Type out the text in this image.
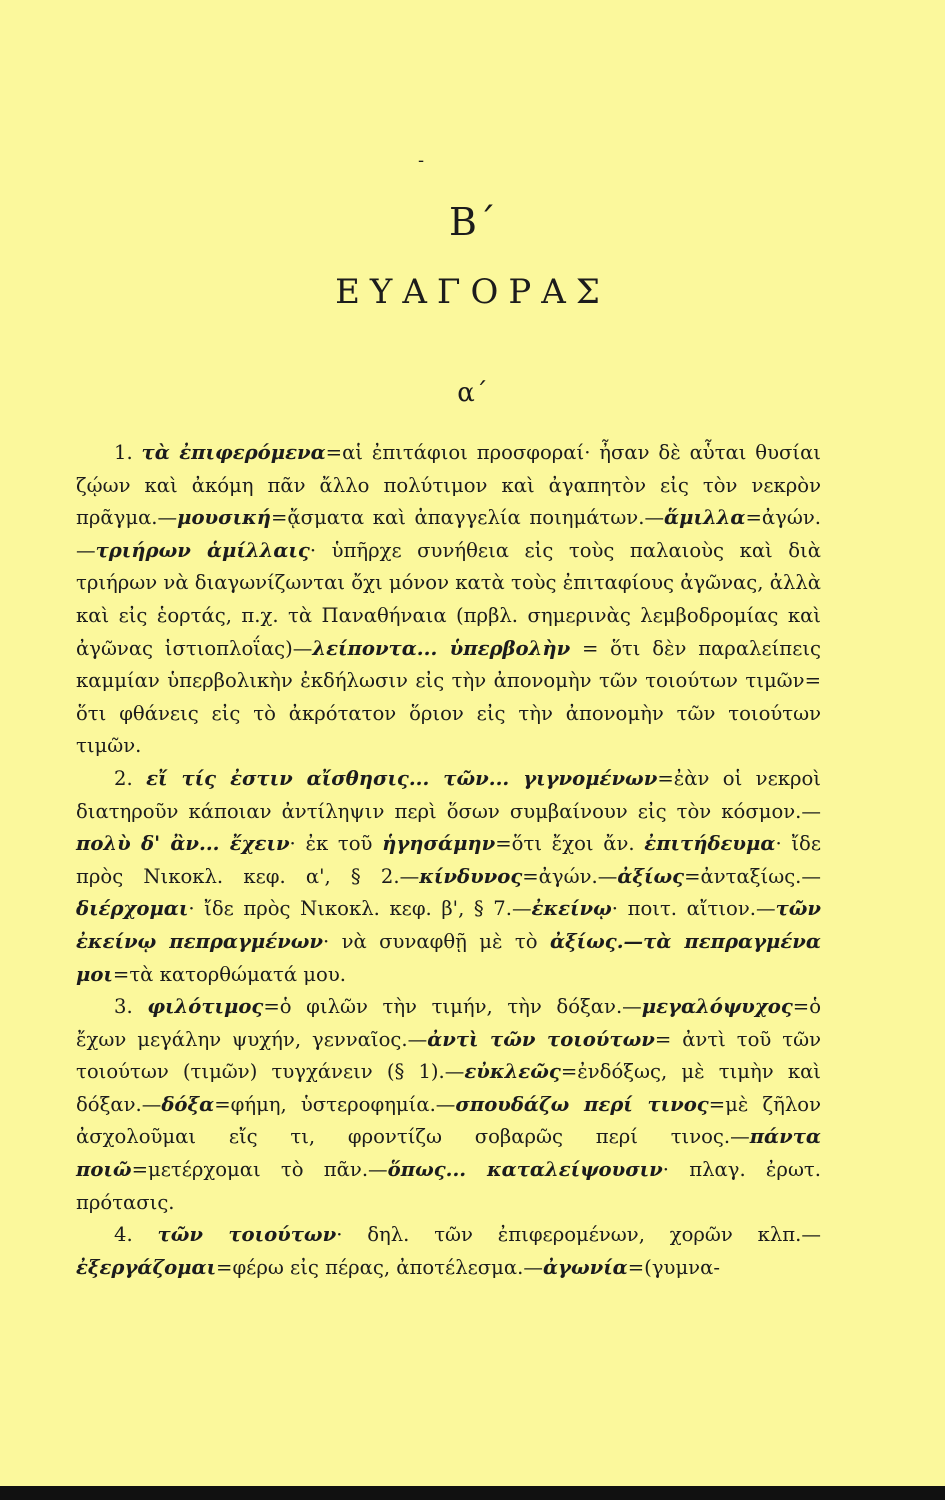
-
Β΄
ΕΥΑΓΟΡΑΣ
α΄

1. τὰ ἐπιφερόμενα=αἱ ἐπιτάφιοι προσφοραί· ἦσαν δὲ αὗται θυσίαι ζῴων καὶ ἀκόμη πᾶν ἄλλο πολύτιμον καὶ ἀγαπητὸν εἰς τὸν νεκρὸν πρᾶγμα.—μουσική=ᾄσματα καὶ ἀπαγγελία ποιημάτων.—ἅμιλλα=ἀγών.—τριήρων ἁμίλλαις· ὑπῆρχε συνήθεια εἰς τοὺς παλαιοὺς καὶ διὰ τριήρων νὰ διαγωνίζωνται ὄχι μόνον κατὰ τοὺς ἐπιταφίους ἀγῶνας, ἀλλὰ καὶ εἰς ἑορτάς, π.χ. τὰ Παναθήναια (πρβλ. σημερινὰς λεμβοδρομίας καὶ ἀγῶνας ἱστιοπλοΐας)—λείποντα... ὑπερβολὴν = ὅτι δὲν παραλείπεις καμμίαν ὑπερβολικὴν ἐκδήλωσιν εἰς τὴν ἀπονομὴν τῶν τοιούτων τιμῶν= ὅτι φθάνεις εἰς τὸ ἀκρότατον ὅριον εἰς τὴν ἀπονομὴν τῶν τοιούτων τιμῶν.

2. εἴ τίς ἐστιν αἴσθησις... τῶν... γιγνομένων=ἐὰν οἱ νεκροὶ διατηροῦν κάποιαν ἀντίληψιν περὶ ὅσων συμβαίνουν εἰς τὸν κόσμον.—πολὺ δ' ἂν... ἔχειν· ἐκ τοῦ ἡγησάμην=ὅτι ἔχοι ἄν. ἐπιτήδευμα· ἴδε πρὸς Νικοκλ. κεφ. α', § 2.—κίνδυνος=ἀγών.—ἀξίως=ἀνταξίως.—διέρχομαι· ἴδε πρὸς Νικοκλ. κεφ. β', § 7.—ἐκείνῳ· ποιτ. αἴτιον.—τῶν ἐκείνῳ πεπραγμένων· νὰ συναφθῇ μὲ τὸ ἀξίως.—τὰ πεπραγμένα μοι=τὰ κατορθώματά μου.

3. φιλότιμος=ὁ φιλῶν τὴν τιμήν, τὴν δόξαν.—μεγαλόψυχος=ὁ ἔχων μεγάλην ψυχήν, γενναῖος.—ἀντὶ τῶν τοιούτων= ἀντὶ τοῦ τῶν τοιούτων (τιμῶν) τυγχάνειν (§ 1).—εὐκλεῶς=ἐνδόξως, μὲ τιμὴν καὶ δόξαν.—δόξα=φήμη, ὑστεροφημία.—σπουδάζω περί τινος=μὲ ζῆλον ἀσχολοῦμαι εἴς τι, φροντίζω σοβαρῶς περί τινος.—πάντα ποιῶ=μετέρχομαι τὸ πᾶν.—ὅπως... καταλείψουσιν· πλαγ. ἐρωτ. πρότασις.

4. τῶν τοιούτων· δηλ. τῶν ἐπιφερομένων, χορῶν κλπ.—ἐξεργάζομαι=φέρω εἰς πέρας, ἀποτέλεσμα.—ἀγωνία=(γυμνα-
